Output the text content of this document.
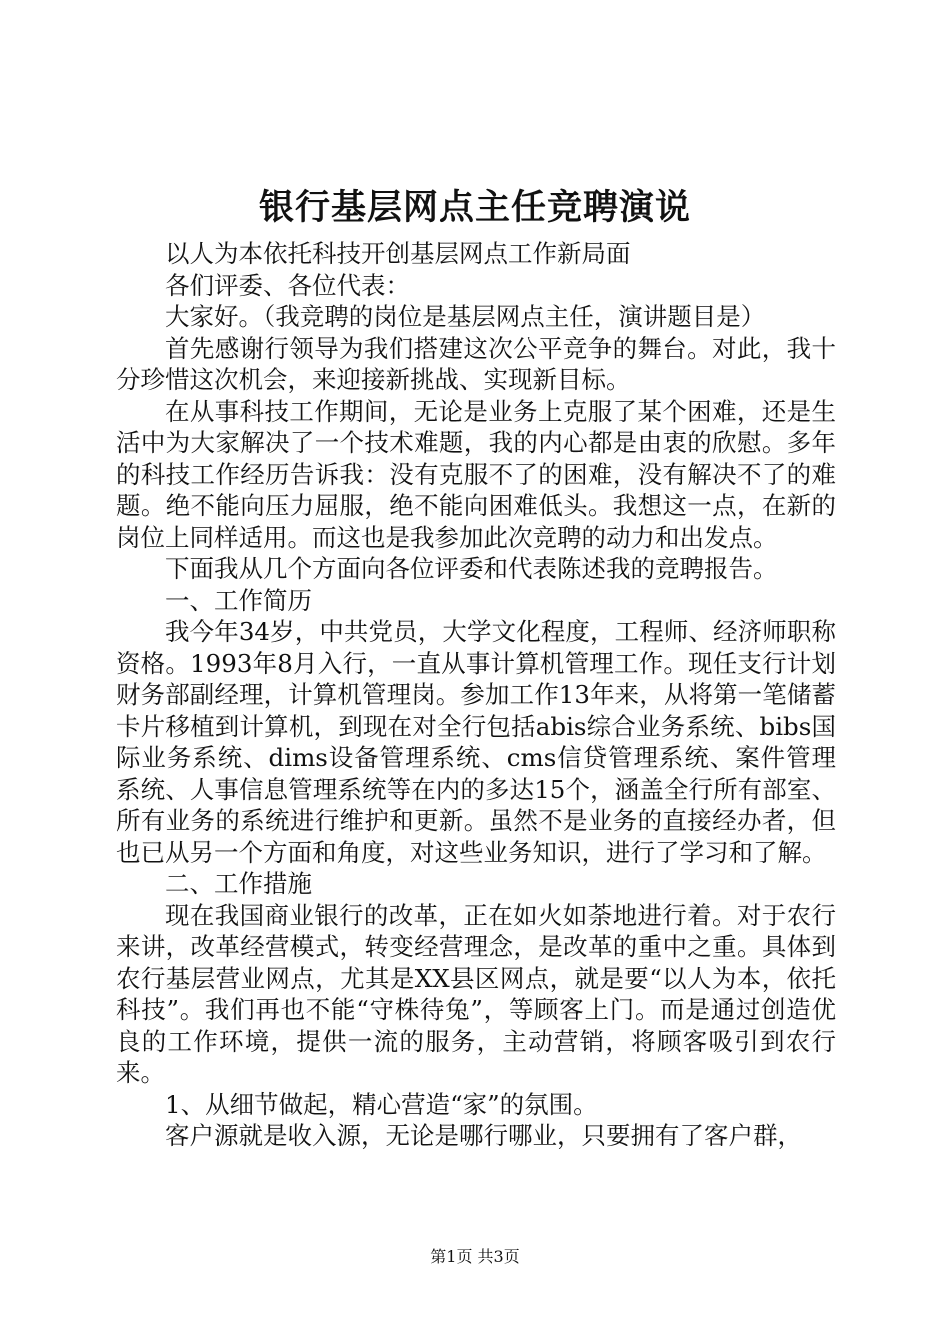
银行基层网点主任竞聘演说

以人为本依托科技开创基层网点工作新局面

各们评委、各位代表：

大家好。（我竞聘的岗位是基层网点主任，演讲题目是）

首先感谢行领导为我们搭建这次公平竞争的舞台。对此，我十分珍惜这次机会，来迎接新挑战、实现新目标。

在从事科技工作期间，无论是业务上克服了某个困难，还是生活中为大家解决了一个技术难题，我的内心都是由衷的欣慰。多年的科技工作经历告诉我：没有克服不了的困难，没有解决不了的难题。绝不能向压力屈服，绝不能向困难低头。我想这一点，在新的岗位上同样适用。而这也是我参加此次竞聘的动力和出发点。

下面我从几个方面向各位评委和代表陈述我的竞聘报告。

一、工作简历

我今年34岁，中共党员，大学文化程度，工程师、经济师职称资格。1993年8月入行，一直从事计算机管理工作。现任支行计划财务部副经理，计算机管理岗。参加工作13年来，从将第一笔储蓄卡片移植到计算机，到现在对全行包括abis综合业务系统、bibs国际业务系统、dims设备管理系统、cms信贷管理系统、案件管理系统、人事信息管理系统等在内的多达15个，涵盖全行所有部室、所有业务的系统进行维护和更新。虽然不是业务的直接经办者，但也已从另一个方面和角度，对这些业务知识，进行了学习和了解。

二、工作措施

现在我国商业银行的改革，正在如火如荼地进行着。对于农行来讲，改革经营模式，转变经营理念，是改革的重中之重。具体到农行基层营业网点，尤其是XX县区网点，就是要“以人为本，依托科技”。我们再也不能“守株待兔”，等顾客上门。而是通过创造优良的工作环境，提供一流的服务，主动营销，将顾客吸引到农行来。

1、从细节做起，精心营造“家”的氛围。

客户源就是收入源，无论是哪行哪业，只要拥有了客户群，

第1页 共3页
